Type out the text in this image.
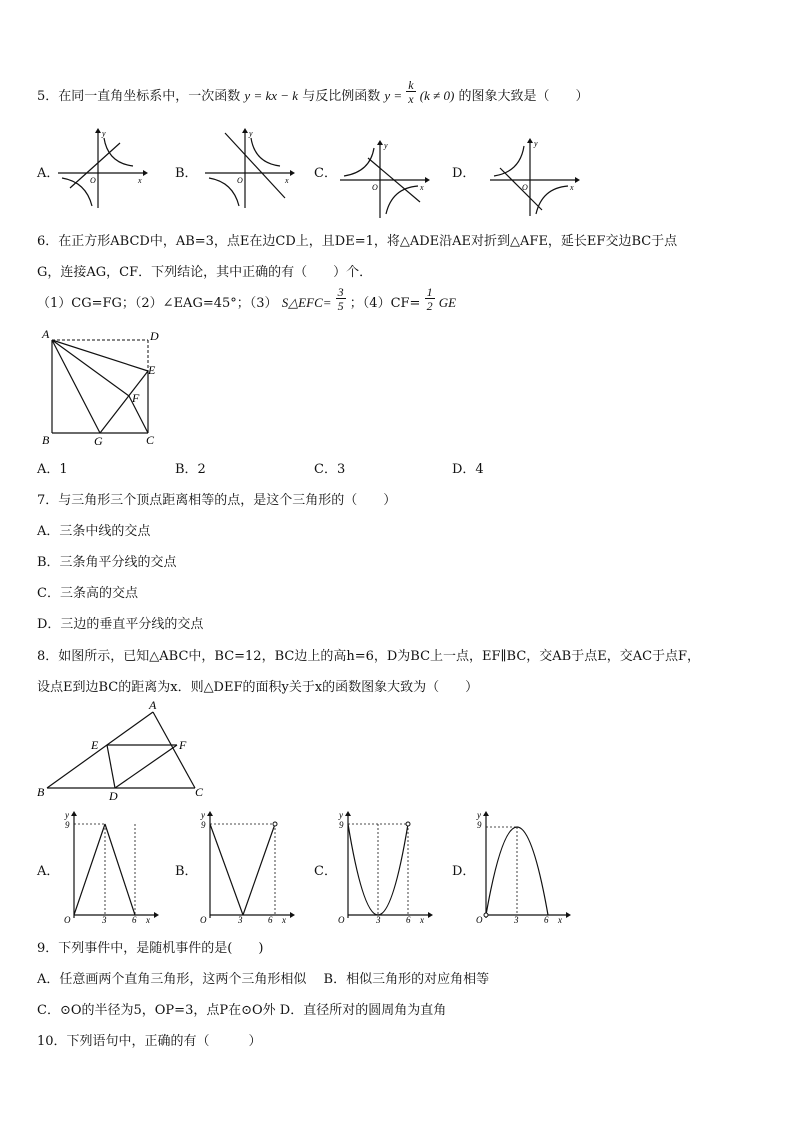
5．在同一直角坐标系中，一次函数 y = kx − k 与反比例函数 $y = \frac{k}{x} (k \ne 0)$ 的图象大致是（　　）
A．	B．	C．	D．
y
x
O
y
x
O
y
x
O
y
x
O
6．在正方形ABCD中，AB=3，点E在边CD上，且DE=1，将△ADE沿AE对折到△AFE，延长EF交边BC于点
G，连接AG，CF．下列结论，其中正确的有（　　）个．
（1）CG=FG；（2）∠EAG=45°；（3） S△EFC= $\frac{3}{5}$ ；$(4)CF= \frac{1}{2}$ GE
A	D
E
F
B	G	C
A．1	B．2	C．3	D．4
7．与三角形三个顶点距离相等的点，是这个三角形的（　　）
A．三条中线的交点
B．三条角平分线的交点
C．三条高的交点
D．三边的垂直平分线的交点
8．如图所示，已知△ABC中，BC=12，BC边上的高h=6，D为BC上一点，EF∥BC，交AB于点E，交AC于点F，
设点E到边BC的距离为x．则△DEF的面积y关于x的函数图象大致为（　　）
A
E	F
B	D	C
A．	B．	C．	D．
y
9
O	3	6 x
y
9
O	3	6 x
y
9
O	3	6 x
y
9
O	3	6 x
9．下列事件中，是随机事件的是(　　)
A．任意画两个直角三角形，这两个三角形相似　 B．相似三角形的对应角相等
C．⊙O的半径为5，OP=3，点P在⊙O外 D．直径所对的圆周角为直角
10．下列语句中，正确的有（　　　）
